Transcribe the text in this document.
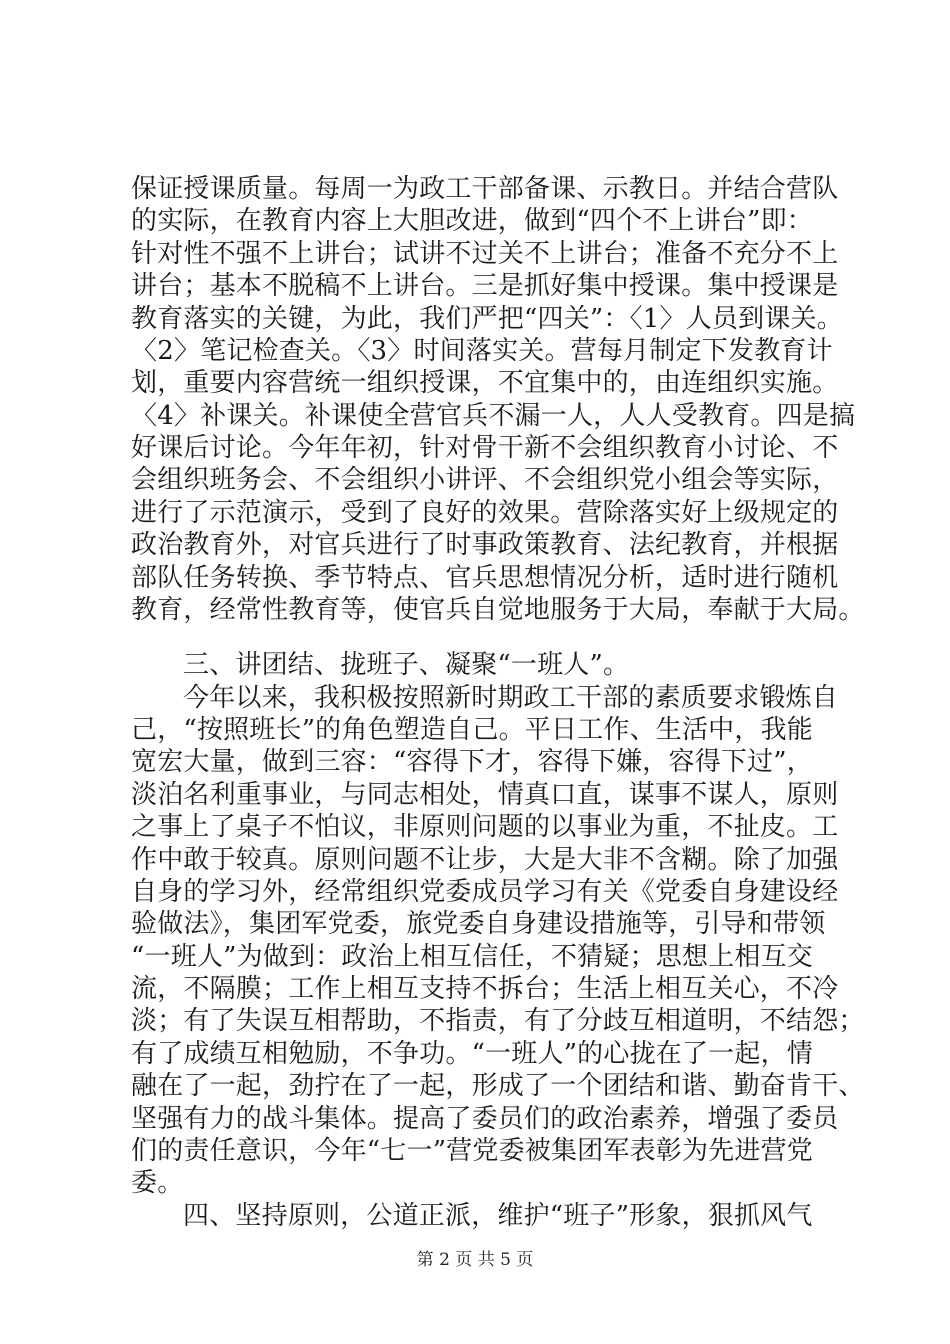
保证授课质量。每周一为政工干部备课、示教日。并结合营队
的实际，在教育内容上大胆改进，做到“四个不上讲台”即：
针对性不强不上讲台；试讲不过关不上讲台；准备不充分不上
讲台；基本不脱稿不上讲台。三是抓好集中授课。集中授课是
教育落实的关键，为此，我们严把“四关”：〈1〉人员到课关。
〈2〉笔记检查关。〈3〉时间落实关。营每月制定下发教育计
划，重要内容营统一组织授课，不宜集中的，由连组织实施。
〈4〉补课关。补课使全营官兵不漏一人，人人受教育。四是搞
好课后讨论。今年年初，针对骨干新不会组织教育小讨论、不
会组织班务会、不会组织小讲评、不会组织党小组会等实际，
进行了示范演示，受到了良好的效果。营除落实好上级规定的
政治教育外，对官兵进行了时事政策教育、法纪教育，并根据
部队任务转换、季节特点、官兵思想情况分析，适时进行随机
教育，经常性教育等，使官兵自觉地服务于大局，奉献于大局。
三、讲团结、拢班子、凝聚“一班人”。
今年以来，我积极按照新时期政工干部的素质要求锻炼自
己，“按照班长”的角色塑造自己。平日工作、生活中，我能
宽宏大量，做到三容：“容得下才，容得下嫌，容得下过”，
淡泊名利重事业，与同志相处，情真口直，谋事不谋人，原则
之事上了桌子不怕议，非原则问题的以事业为重，不扯皮。工
作中敢于较真。原则问题不让步，大是大非不含糊。除了加强
自身的学习外，经常组织党委成员学习有关《党委自身建设经
验做法》，集团军党委，旅党委自身建设措施等，引导和带领
“一班人”为做到：政治上相互信任，不猜疑；思想上相互交
流，不隔膜；工作上相互支持不拆台；生活上相互关心，不冷
淡；有了失误互相帮助，不指责，有了分歧互相道明，不结怨；
有了成绩互相勉励，不争功。“一班人”的心拢在了一起，情
融在了一起，劲拧在了一起，形成了一个团结和谐、勤奋肯干、
坚强有力的战斗集体。提高了委员们的政治素养，增强了委员
们的责任意识，今年“七一”营党委被集团军表彰为先进营党
委。
四、坚持原则，公道正派，维护“班子”形象，狠抓风气
第 2 页 共 5 页
